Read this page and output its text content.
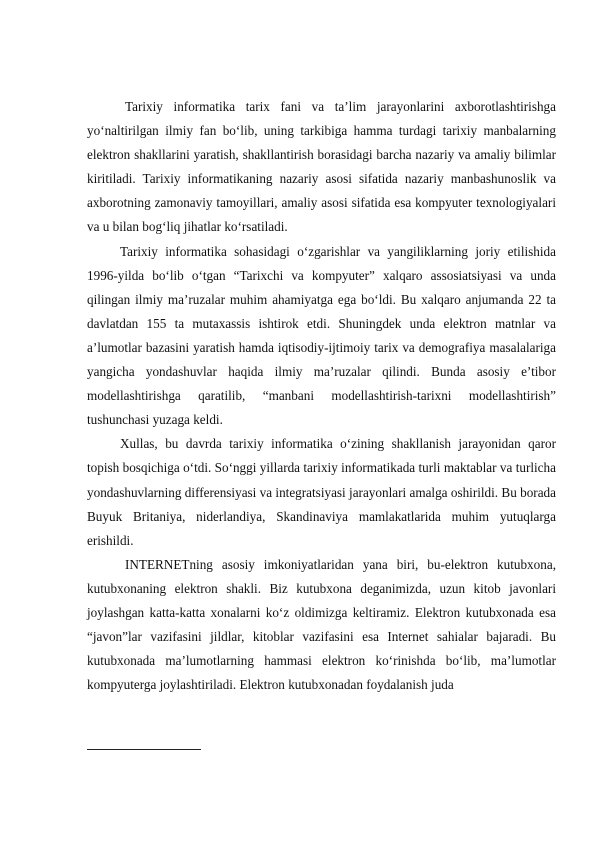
Tarixiy informatika tarix fani va ta’lim jarayonlarini axborotlashtirishga yo‘naltirilgan ilmiy fan bo‘lib, uning tarkibiga hamma turdagi tarixiy manbalarning elektron shakllarini yaratish, shakllantirish borasidagi barcha nazariy va amaliy bilimlar kiritiladi. Tarixiy informatikaning nazariy asosi sifatida nazariy manbashunoslik va axborotning zamonaviy tamoyillari, amaliy asosi sifatida esa kompyuter texnologiyalari va u bilan bog‘liq jihatlar ko‘rsatiladi.

Tarixiy informatika sohasidagi o‘zgarishlar va yangiliklarning joriy etilishida 1996-yilda bo‘lib o‘tgan “Tarixchi va kompyuter” xalqaro assosiatsiyasi va unda qilingan ilmiy ma’ruzalar muhim ahamiyatga ega bo‘ldi. Bu xalqaro anjumanda 22 ta davlatdan 155 ta mutaxassis ishtirok etdi. Shuningdek unda elektron matnlar va a’lumotlar bazasini yaratish hamda iqtisodiy-ijtimoiy tarix va demografiya masalalariga yangicha yondashuvlar haqida ilmiy ma’ruzalar qilindi. Bunda asosiy e’tibor modellashtirishga qaratilib, “manbani modellashtirish-tarixni modellashtirish” tushunchasi yuzaga keldi.

Xullas, bu davrda tarixiy informatika o‘zining shakllanish jarayonidan qaror topish bosqichiga o‘tdi. So‘nggi yillarda tarixiy informatikada turli maktablar va turlicha yondashuvlarning differensiyasi va integratsiyasi jarayonlari amalga oshirildi. Bu borada Buyuk Britaniya, niderlandiya, Skandinaviya mamlakatlarida muhim yutuqlarga erishildi.

INTERNETning asosiy imkoniyatlaridan yana biri, bu-elektron kutubxona, kutubxonaning elektron shakli. Biz kutubxona deganimizda, uzun kitob javonlari joylashgan katta-katta xonalarni ko‘z oldimizga keltiramiz. Elektron kutubxonada esa “javon”lar vazifasini jildlar, kitoblar vazifasini esa Internet sahialar bajaradi. Bu kutubxonada ma’lumotlarning hammasi elektron ko‘rinishda bo‘lib, ma’lumotlar kompyuterga joylashtiriladi. Elektron kutubxonadan foydalanish juda
